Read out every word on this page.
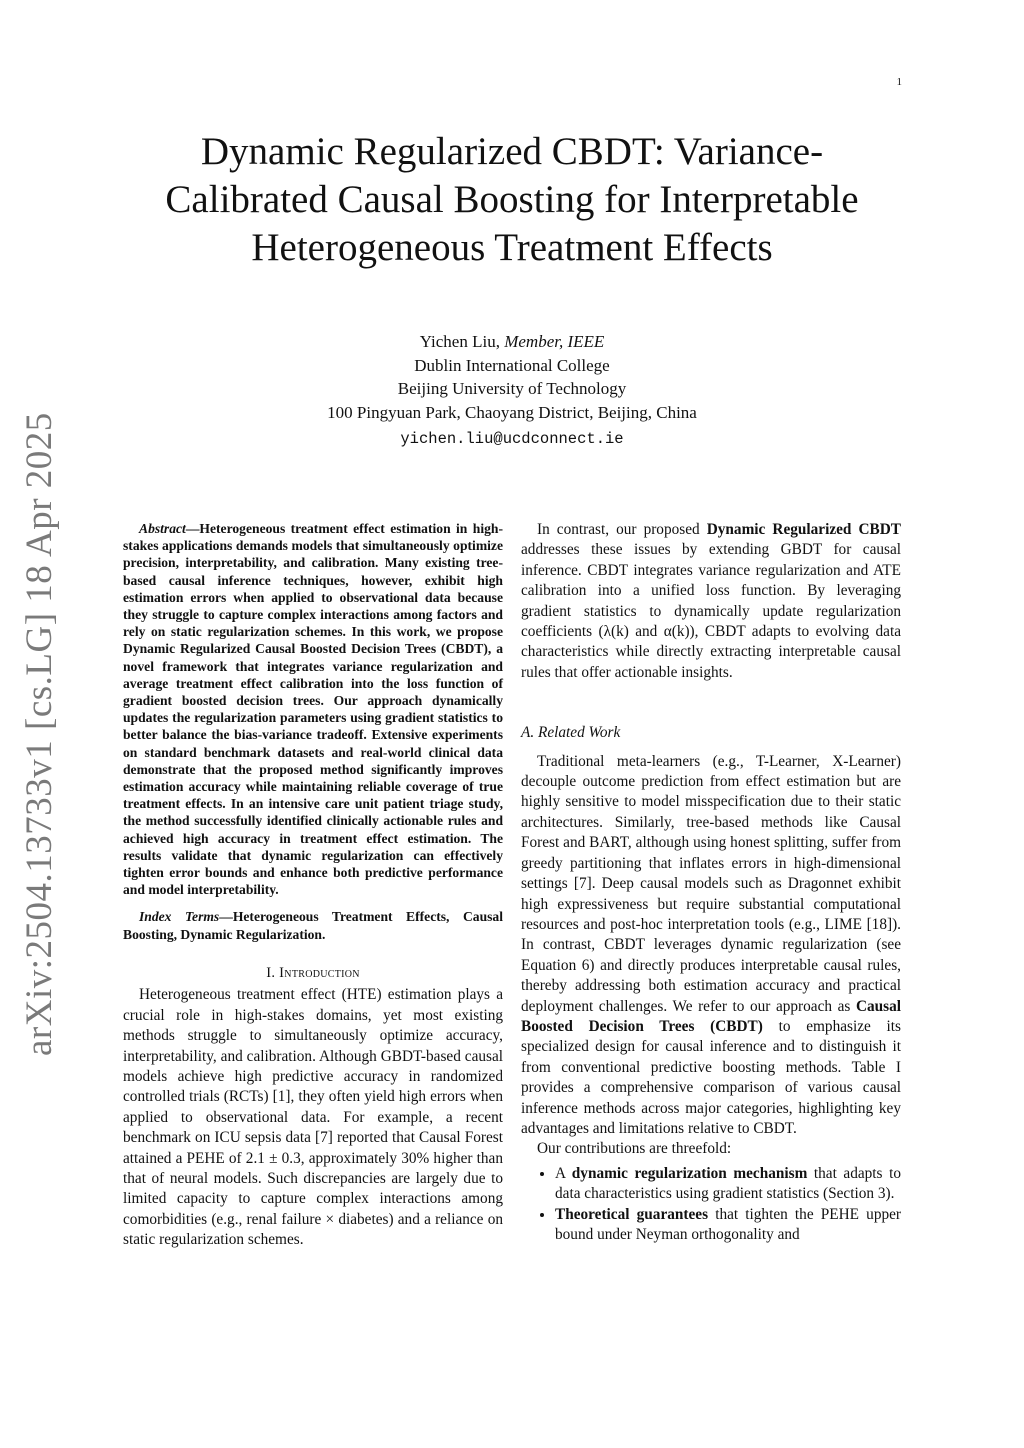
1
arXiv:2504.13733v1 [cs.LG] 18 Apr 2025
Dynamic Regularized CBDT: Variance-Calibrated Causal Boosting for Interpretable Heterogeneous Treatment Effects
Yichen Liu, Member, IEEE
Dublin International College
Beijing University of Technology
100 Pingyuan Park, Chaoyang District, Beijing, China
yichen.liu@ucdconnect.ie

Abstract—Heterogeneous treatment effect estimation in high-stakes applications demands models that simultaneously optimize precision, interpretability, and calibration. Many existing tree-based causal inference techniques, however, exhibit high estimation errors when applied to observational data because they struggle to capture complex interactions among factors and rely on static regularization schemes. In this work, we propose Dynamic Regularized Causal Boosted Decision Trees (CBDT), a novel framework that integrates variance regularization and average treatment effect calibration into the loss function of gradient boosted decision trees. Our approach dynamically updates the regularization parameters using gradient statistics to better balance the bias-variance tradeoff. Extensive experiments on standard benchmark datasets and real-world clinical data demonstrate that the proposed method significantly improves estimation accuracy while maintaining reliable coverage of true treatment effects. In an intensive care unit patient triage study, the method successfully identified clinically actionable rules and achieved high accuracy in treatment effect estimation. The results validate that dynamic regularization can effectively tighten error bounds and enhance both predictive performance and model interpretability.

Index Terms—Heterogeneous Treatment Effects, Causal Boosting, Dynamic Regularization.

I. Introduction

Heterogeneous treatment effect (HTE) estimation plays a crucial role in high-stakes domains, yet most existing methods struggle to simultaneously optimize accuracy, interpretability, and calibration. Although GBDT-based causal models achieve high predictive accuracy in randomized controlled trials (RCTs) [1], they often yield high errors when applied to observational data. For example, a recent benchmark on ICU sepsis data [7] reported that Causal Forest attained a PEHE of 2.1 ± 0.3, approximately 30% higher than that of neural models. Such discrepancies are largely due to limited capacity to capture complex interactions among comorbidities (e.g., renal failure × diabetes) and a reliance on static regularization schemes.

In contrast, our proposed Dynamic Regularized CBDT addresses these issues by extending GBDT for causal inference. CBDT integrates variance regularization and ATE calibration into a unified loss function. By leveraging gradient statistics to dynamically update regularization coefficients (λ(k) and α(k)), CBDT adapts to evolving data characteristics while directly extracting interpretable causal rules that offer actionable insights.

A. Related Work

Traditional meta-learners (e.g., T-Learner, X-Learner) decouple outcome prediction from effect estimation but are highly sensitive to model misspecification due to their static architectures. Similarly, tree-based methods like Causal Forest and BART, although using honest splitting, suffer from greedy partitioning that inflates errors in high-dimensional settings [7]. Deep causal models such as Dragonnet exhibit high expressiveness but require substantial computational resources and post-hoc interpretation tools (e.g., LIME [18]). In contrast, CBDT leverages dynamic regularization (see Equation 6) and directly produces interpretable causal rules, thereby addressing both estimation accuracy and practical deployment challenges. We refer to our approach as Causal Boosted Decision Trees (CBDT) to emphasize its specialized design for causal inference and to distinguish it from conventional predictive boosting methods. Table I provides a comprehensive comparison of various causal inference methods across major categories, highlighting key advantages and limitations relative to CBDT.

Our contributions are threefold:

• A dynamic regularization mechanism that adapts to data characteristics using gradient statistics (Section 3).
• Theoretical guarantees that tighten the PEHE upper bound under Neyman orthogonality and
